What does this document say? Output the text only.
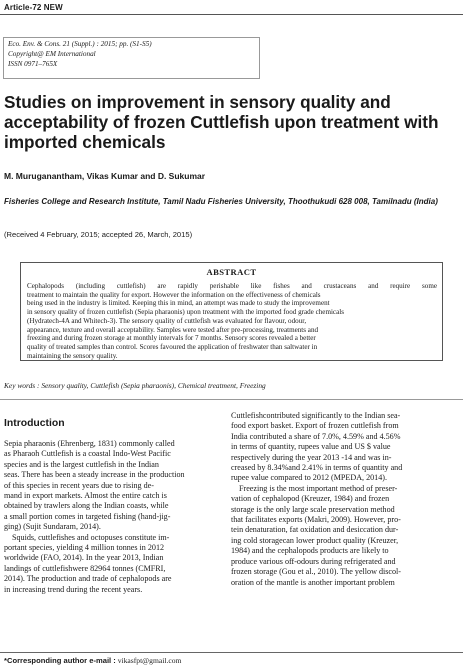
Article-72 NEW
Eco. Env. & Cons. 21 (Suppl.) : 2015; pp. (S1-S5)
Copyright@ EM International
ISSN 0971–765X
Studies on improvement in sensory quality and acceptability of frozen Cuttlefish upon treatment with imported chemicals
M. Muruganantham, Vikas Kumar and D. Sukumar
Fisheries College and Research Institute, Tamil Nadu Fisheries University, Thoothukudi 628 008, Tamilnadu (India)
(Received 4 February, 2015; accepted 26, March, 2015)
ABSTRACT
Cephalopods (including cuttlefish) are rapidly perishable like fishes and crustaceans and require some
treatment to maintain the quality for export. However the information on the effectiveness of chemicals
being used in the industry is limited. Keeping this in mind, an attempt was made to study the improvement
in sensory quality of frozen cuttlefish (Sepia pharaonis) upon treatment with the imported food grade chemicals
(Hydratech-4A and Whitech-3). The sensory quality of cuttlefish was evaluated for flavour, odour,
appearance, texture and overall acceptability. Samples were tested after pre-processing, treatments and
freezing and during frozen storage at monthly intervals for 7 months. Sensory scores revealed a better
quality of treated samples than control. Scores favoured the application of freshwater than saltwater in
maintaining the sensory quality.
Key words : Sensory quality, Cuttlefish (Sepia pharaonis), Chemical treatment, Freezing
Introduction
Sepia pharaonis (Ehrenberg, 1831) commonly called
as Pharaoh Cuttlefish is a coastal Indo-West Pacific
species and is the largest cuttlefish in the Indian
seas. There has been a steady increase in the production
of this species in recent years due to rising de-
mand in export markets. Almost the entire catch is
obtained by trawlers along the Indian coasts, while
a small portion comes in targeted fishing (hand-jig-
ging) (Sujit Sundaram, 2014).
Squids, cuttlefishes and octopuses constitute im-
portant species, yielding 4 million tonnes in 2012
worldwide (FAO, 2014). In the year 2013, Indian
landings of cuttlefishwere 82964 tonnes (CMFRI,
2014). The production and trade of cephalopods are
in increasing trend during the recent years.
Cuttlefishcontributed significantly to the Indian sea-
food export basket. Export of frozen cuttlefish from
India contributed a share of 7.0%, 4.59% and 4.56%
in terms of quantity, rupees value and US $ value
respectively during the year 2013 -14 and was in-
creased by 8.34%and 2.41% in terms of quantity and
rupee value compared to 2012 (MPEDA, 2014).
Freezing is the most important method of preser-
vation of cephalopod (Kreuzer, 1984) and frozen
storage is the only large scale preservation method
that facilitates exports (Makri, 2009). However, pro-
tein denaturation, fat oxidation and desiccation dur-
ing cold storagecan lower product quality (Kreuzer,
1984) and the cephalopods products are likely to
produce various off-odours during refrigerated and
frozen storage (Gou et al., 2010). The yellow discol-
oration of the mantle is another important problem
*Corresponding author e-mail : vikasfpt@gmail.com
